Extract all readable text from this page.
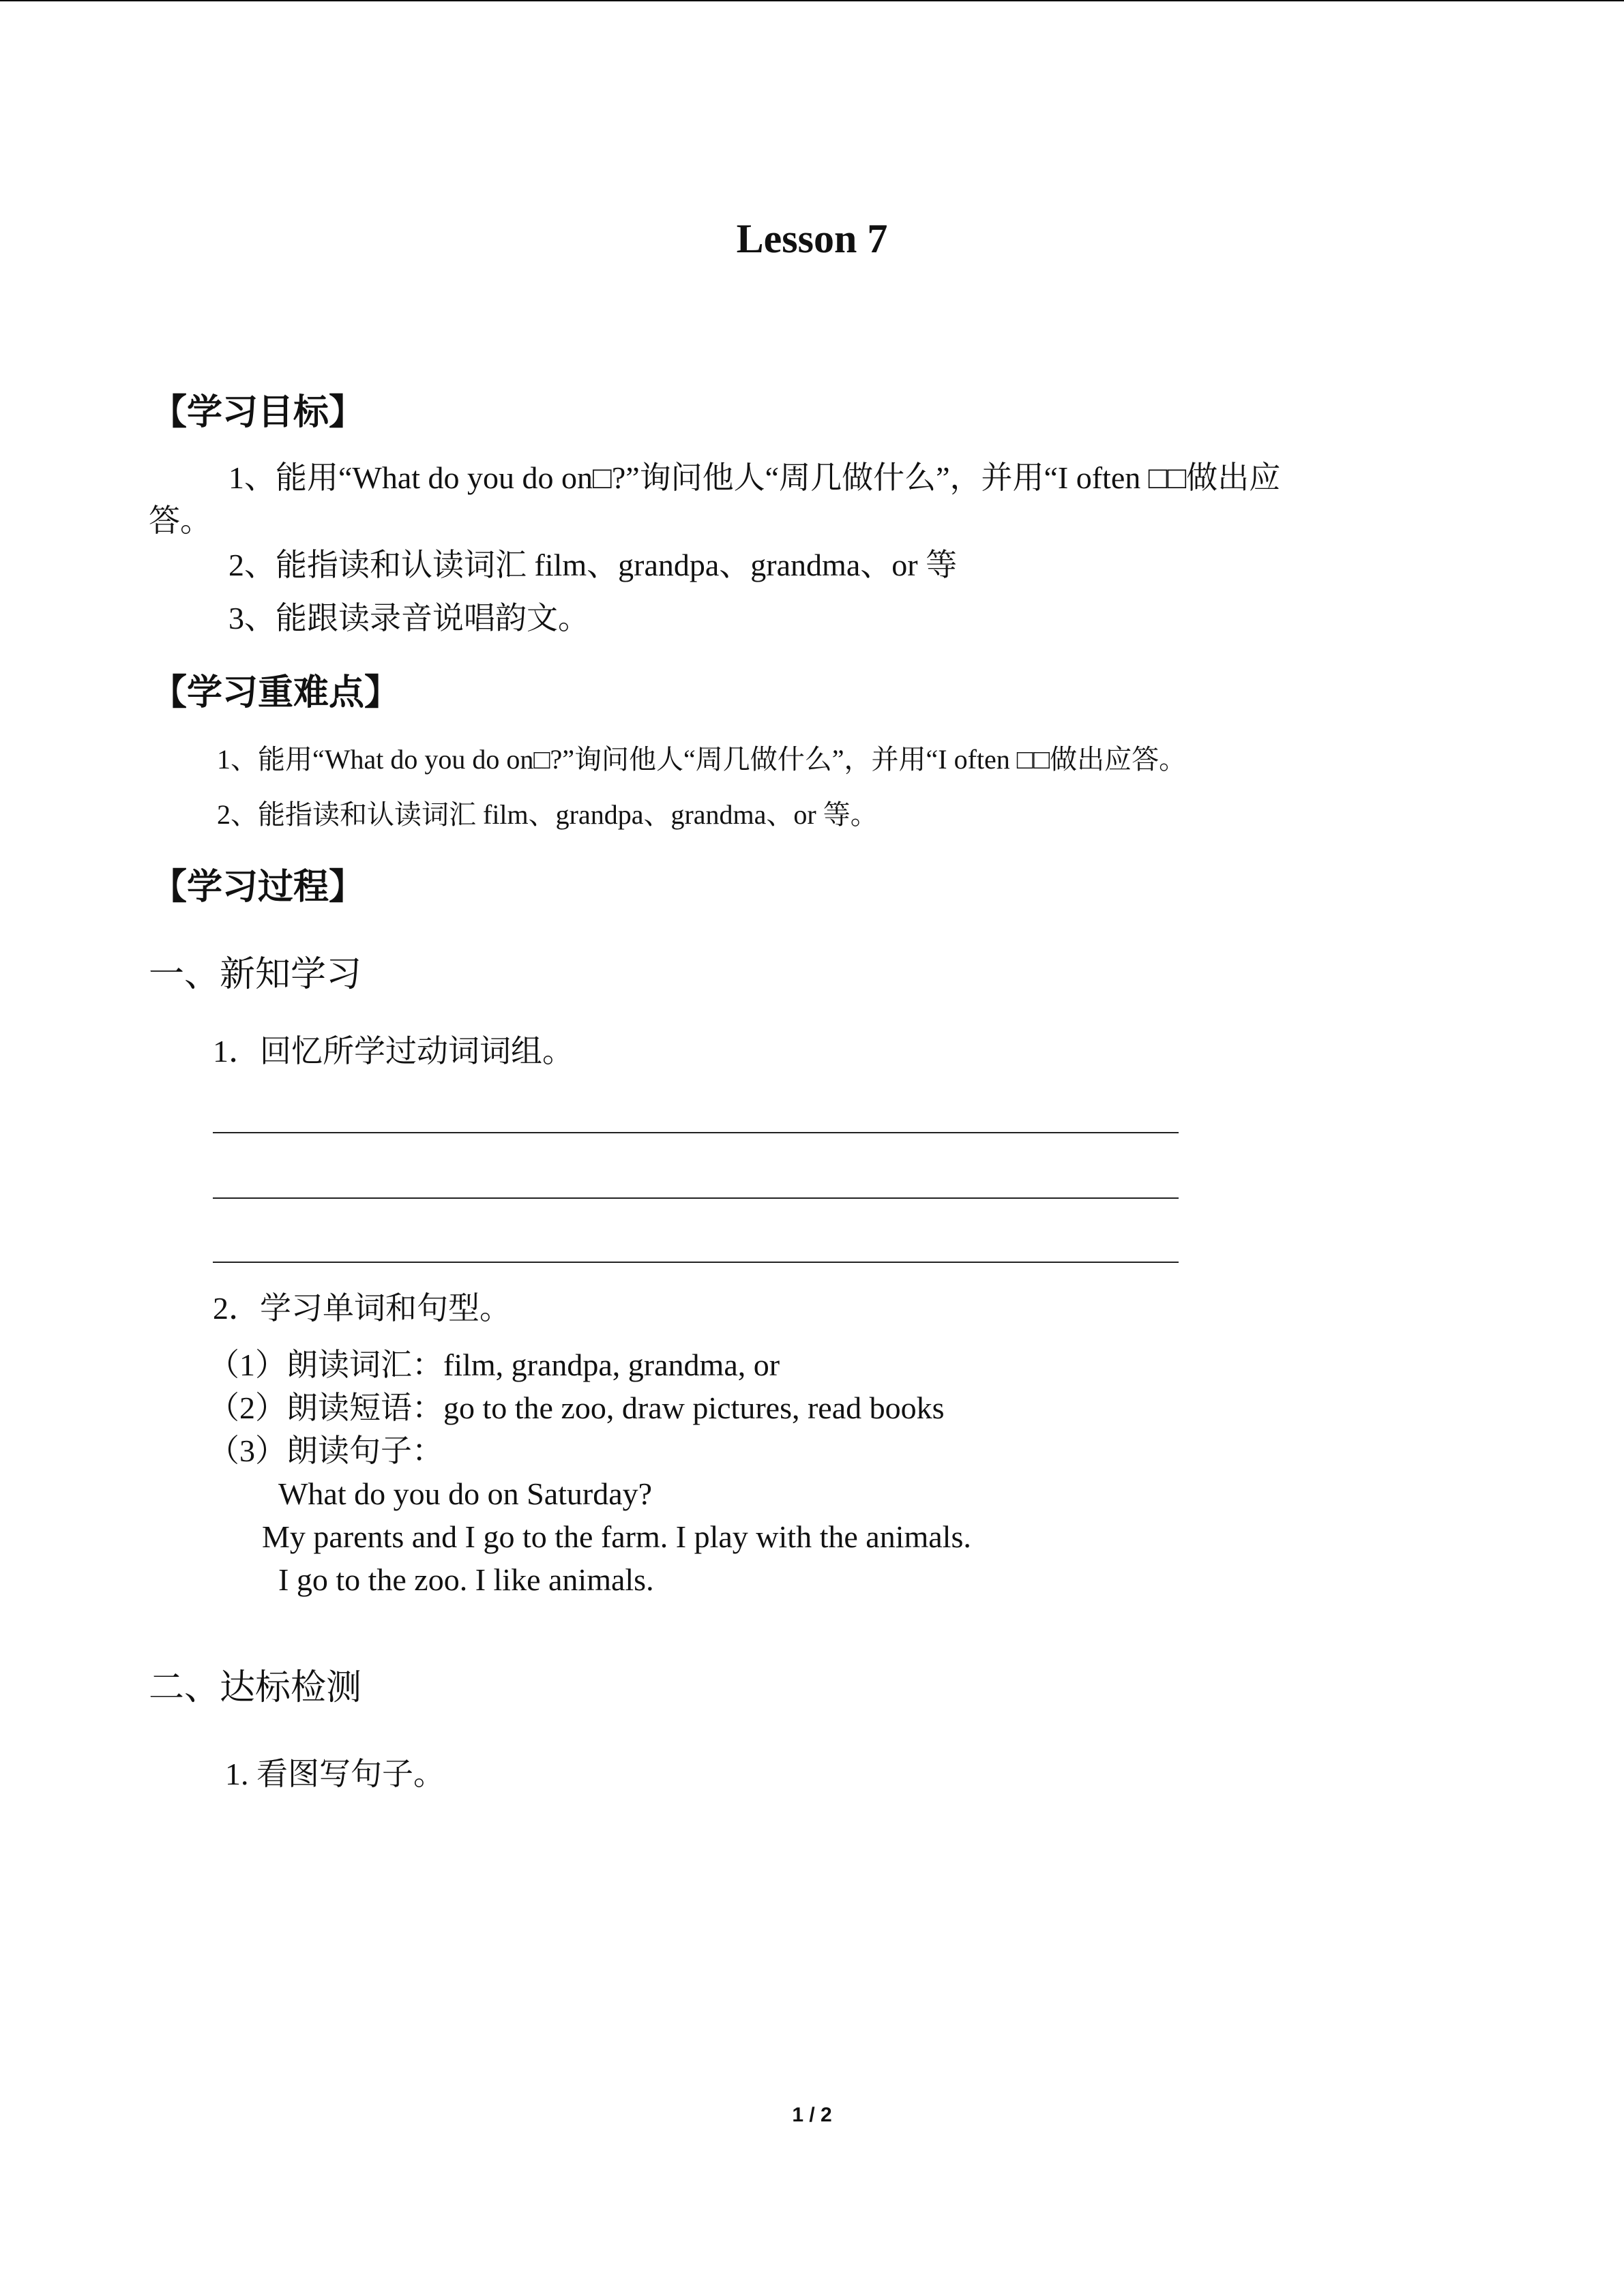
Lesson 7
【学习目标】
1、能用“What do you do on□?”询问他人“周几做什么”，并用“I often □□做出应
答。
2、能指读和认读词汇 film、grandpa、grandma、or 等
3、能跟读录音说唱韵文。
【学习重难点】
1、能用“What do you do on□?”询问他人“周几做什么”，并用“I often □□做出应答。
2、能指读和认读词汇 film、grandpa、grandma、or 等。
【学习过程】
一、新知学习
1．回忆所学过动词词组。
2．学习单词和句型。
（1）朗读词汇：film, grandpa, grandma, or
（2）朗读短语：go to the zoo, draw pictures, read books
（3）朗读句子：
What do you do on Saturday?
My parents and I go to the farm. I play with the animals.
I go to the zoo. I like animals.
二、达标检测
1. 看图写句子。
1 / 2
